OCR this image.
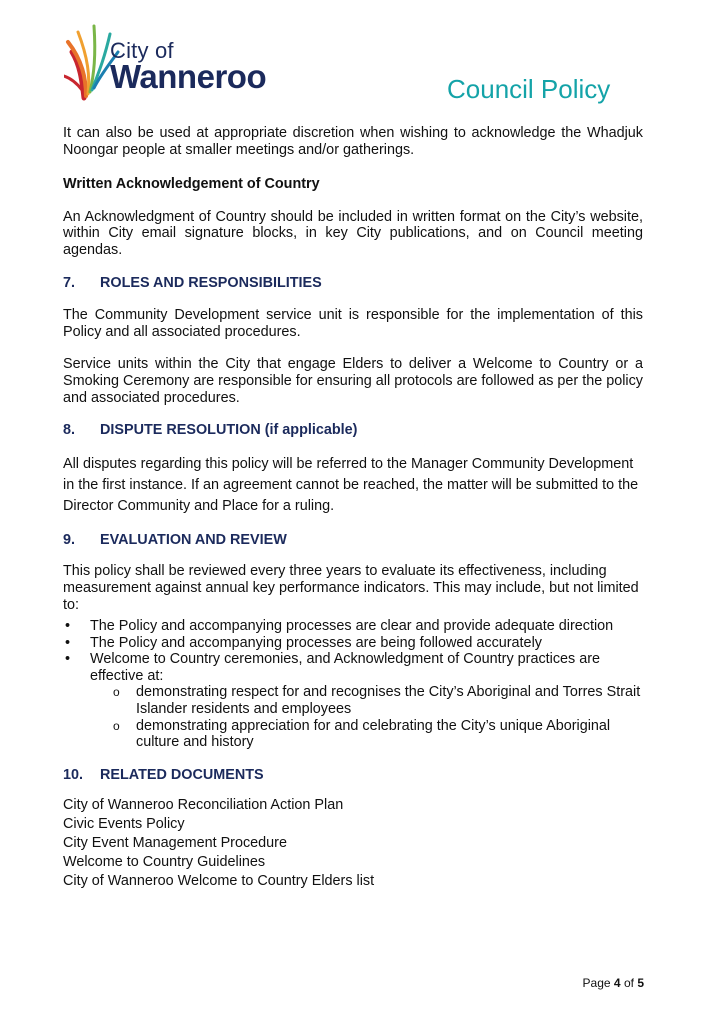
City of
Wanneroo	Council Policy

It can also be used at appropriate discretion when wishing to acknowledge the Whadjuk Noongar people at smaller meetings and/or gatherings.

Written Acknowledgement of Country

An Acknowledgment of Country should be included in written format on the City’s website, within City email signature blocks, in key City publications, and on Council meeting agendas.

7.	ROLES AND RESPONSIBILITIES

The Community Development service unit is responsible for the implementation of this Policy and all associated procedures.

Service units within the City that engage Elders to deliver a Welcome to Country or a Smoking Ceremony are responsible for ensuring all protocols are followed as per the policy and associated procedures.

8.	DISPUTE RESOLUTION (if applicable)

All disputes regarding this policy will be referred to the Manager Community Development in the first instance. If an agreement cannot be reached, the matter will be submitted to the Director Community and Place for a ruling.

9.	EVALUATION AND REVIEW

This policy shall be reviewed every three years to evaluate its effectiveness, including measurement against annual key performance indicators. This may include, but not limited to:

• The Policy and accompanying processes are clear and provide adequate direction
• The Policy and accompanying processes are being followed accurately
• Welcome to Country ceremonies, and Acknowledgment of Country practices are effective at:
o demonstrating respect for and recognises the City’s Aboriginal and Torres Strait Islander residents and employees
o demonstrating appreciation for and celebrating the City’s unique Aboriginal culture and history
10.	RELATED DOCUMENTS
City of Wanneroo Reconciliation Action Plan
Civic Events Policy
City Event Management Procedure
Welcome to Country Guidelines
City of Wanneroo Welcome to Country Elders list
Page 4 of 5
